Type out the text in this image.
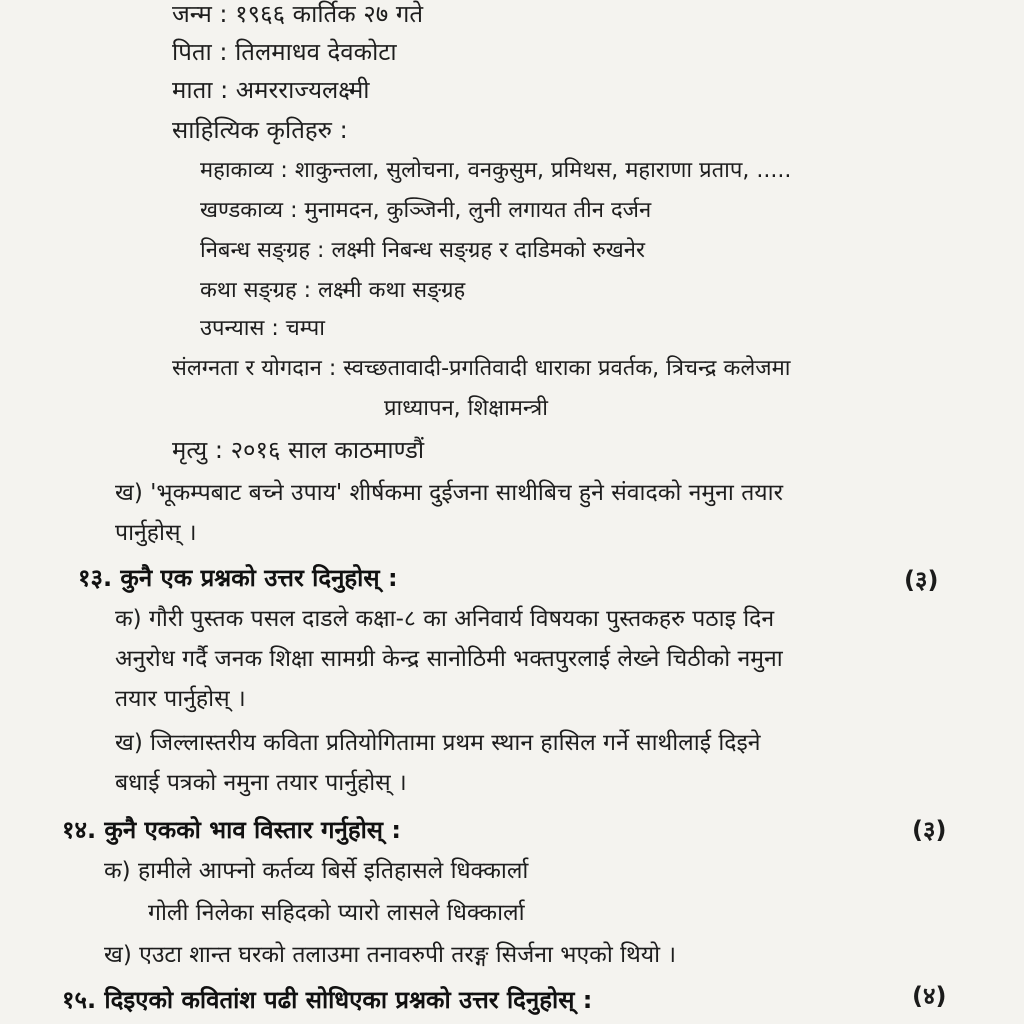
जन्म : १९६६ कार्तिक २७ गते
पिता : तिलमाधव देवकोटा
माता : अमरराज्यलक्ष्मी
साहित्यिक कृतिहरु :
महाकाव्य : शाकुन्तला, सुलोचना, वनकुसुम, प्रमिथस, महाराणा प्रताप, .....
खण्डकाव्य : मुनामदन, कुञ्जिनी, लुनी लगायत तीन दर्जन
निबन्ध सङ्ग्रह : लक्ष्मी निबन्ध सङ्ग्रह र दाडिमको रुखनेर
कथा सङ्ग्रह : लक्ष्मी कथा सङ्ग्रह
उपन्यास : चम्पा
संलग्नता र योगदान : स्वच्छतावादी-प्रगतिवादी धाराका प्रवर्तक, त्रिचन्द्र कलेजमा
प्राध्यापन, शिक्षामन्त्री
मृत्यु : २०१६ साल काठमाण्डौं
ख) 'भूकम्पबाट बच्ने उपाय' शीर्षकमा दुईजना साथीबिच हुने संवादको नमुना तयार
पार्नुहोस् ।
१३. कुनै एक प्रश्नको उत्तर दिनुहोस् :	(३)
क) गौरी पुस्तक पसल दाडले कक्षा-८ का अनिवार्य विषयका पुस्तकहरु पठाइ दिन
अनुरोध गर्दै जनक शिक्षा सामग्री केन्द्र सानोठिमी भक्तपुरलाई लेख्ने चिठीको नमुना
तयार पार्नुहोस् ।
ख) जिल्लास्तरीय कविता प्रतियोगितामा प्रथम स्थान हासिल गर्ने साथीलाई दिइने
बधाई पत्रको नमुना तयार पार्नुहोस् ।
१४. कुनै एकको भाव विस्तार गर्नुहोस् :	(३)
क) हामीले आफ्नो कर्तव्य बिर्से इतिहासले धिक्कार्ला
गोली निलेका सहिदको प्यारो लासले धिक्कार्ला
ख) एउटा शान्त घरको तलाउमा तनावरुपी तरङ्ग सिर्जना भएको थियो ।
१५. दिइएको कवितांश पढी सोधिएका प्रश्नको उत्तर दिनुहोस् :	(४)
